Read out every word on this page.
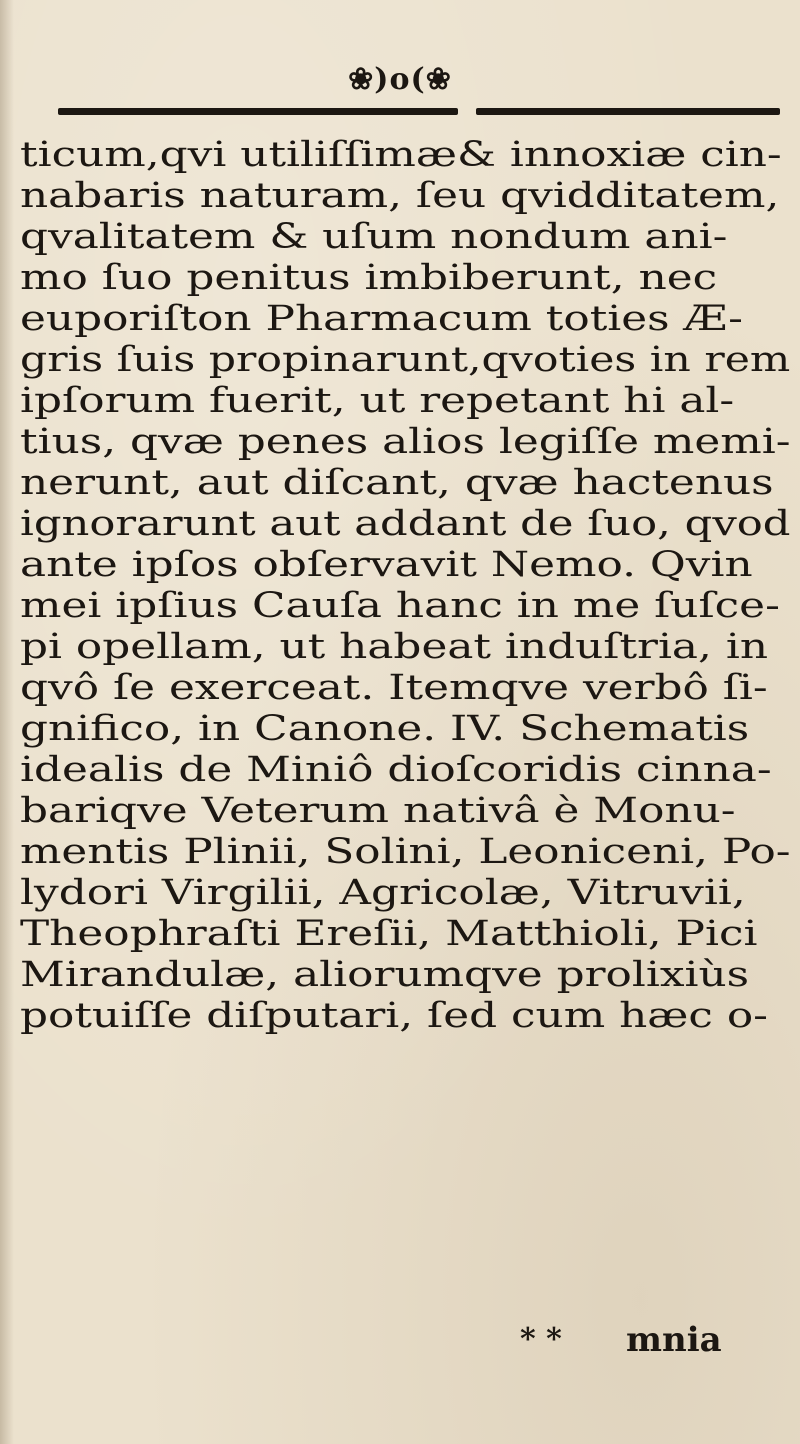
❀)o(❀
ticum,qvi utiliſſimæ& innoxiæ cin-
nabaris naturam, ſeu qvidditatem,
qvalitatem & uſum nondum ani-
mo ſuo penitus imbiberunt, nec
euporiſton Pharmacum toties Æ-
gris ſuis propinarunt,qvoties in rem
ipſorum fuerit, ut repetant hi al-
tius, qvæ penes alios legiſſe memi-
nerunt, aut diſcant, qvæ hactenus
ignorarunt aut addant de ſuo, qvod
ante ipſos obſervavit Nemo. Qvin
mei ipſius Cauſa hanc in me ſuſce-
pi opellam, ut habeat induſtria, in
qvô ſe exerceat. Itemqve verbô ſi-
gnifico, in Canone. IV. Schematis
idealis de Miniô dioſcoridis cinna-
bariqve Veterum nativâ è Monu-
mentis Plinii, Solini, Leoniceni, Po-
lydori Virgilii, Agricolæ, Vitruvii,
Theophraſti Ereſii, Matthioli, Pici
Mirandulæ, aliorumqve prolixiùs
potuiſſe diſputari, ſed cum hæc o-
* * mnia
